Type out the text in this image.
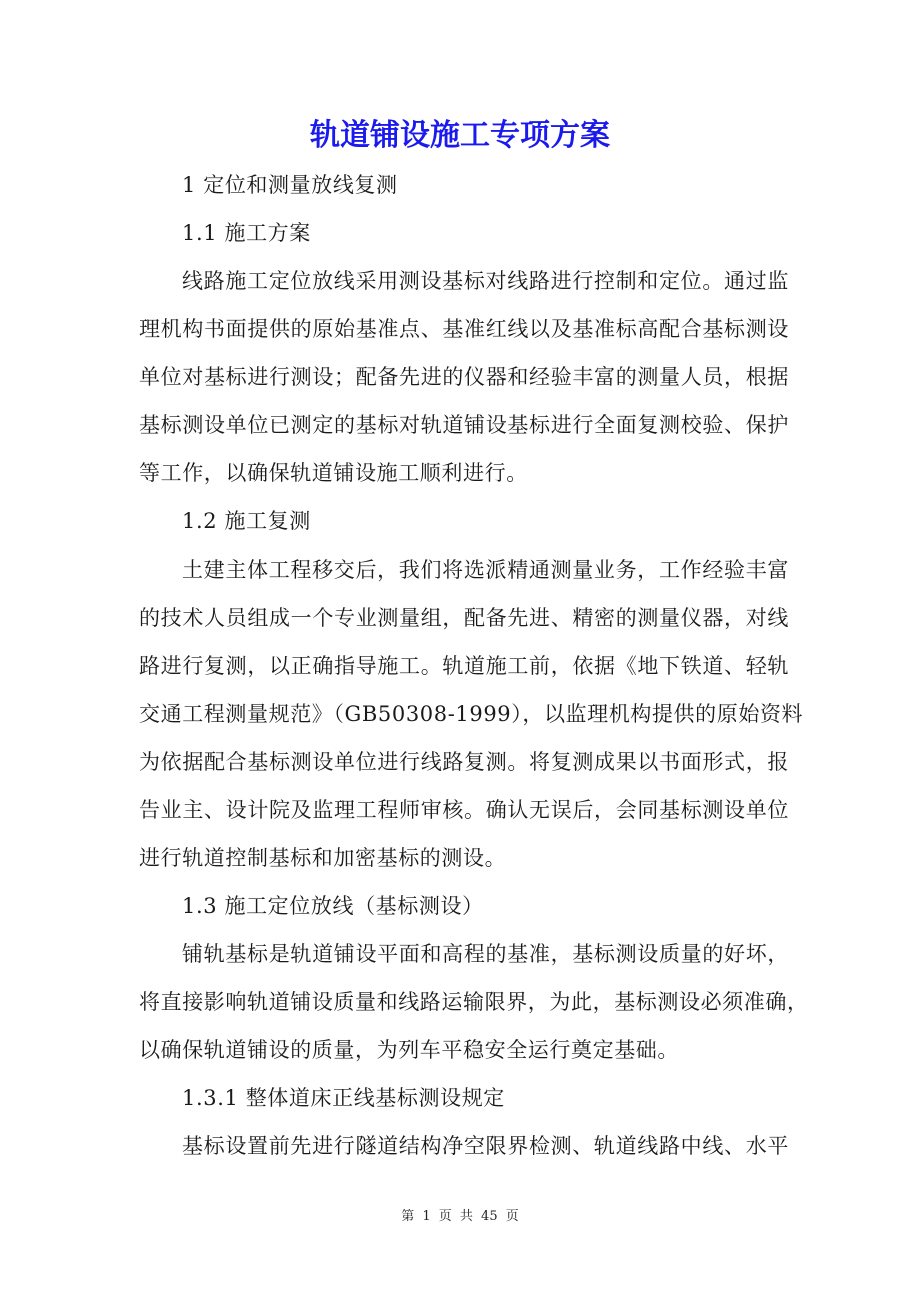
轨道铺设施工专项方案
1 定位和测量放线复测
1.1 施工方案
线路施工定位放线采用测设基标对线路进行控制和定位。通过监
理机构书面提供的原始基准点、基准红线以及基准标高配合基标测设
单位对基标进行测设；配备先进的仪器和经验丰富的测量人员，根据
基标测设单位已测定的基标对轨道铺设基标进行全面复测校验、保护
等工作，以确保轨道铺设施工顺利进行。
1.2 施工复测
土建主体工程移交后，我们将选派精通测量业务，工作经验丰富
的技术人员组成一个专业测量组，配备先进、精密的测量仪器，对线
路进行复测，以正确指导施工。轨道施工前，依据《地下铁道、轻轨
交通工程测量规范》（GB50308-1999），以监理机构提供的原始资料
为依据配合基标测设单位进行线路复测。将复测成果以书面形式，报
告业主、设计院及监理工程师审核。确认无误后，会同基标测设单位
进行轨道控制基标和加密基标的测设。
1.3 施工定位放线（基标测设）
铺轨基标是轨道铺设平面和高程的基准，基标测设质量的好坏，
将直接影响轨道铺设质量和线路运输限界，为此，基标测设必须准确，
以确保轨道铺设的质量，为列车平稳安全运行奠定基础。
1.3.1 整体道床正线基标测设规定
基标设置前先进行隧道结构净空限界检测、轨道线路中线、水平
第 1 页 共 45 页
